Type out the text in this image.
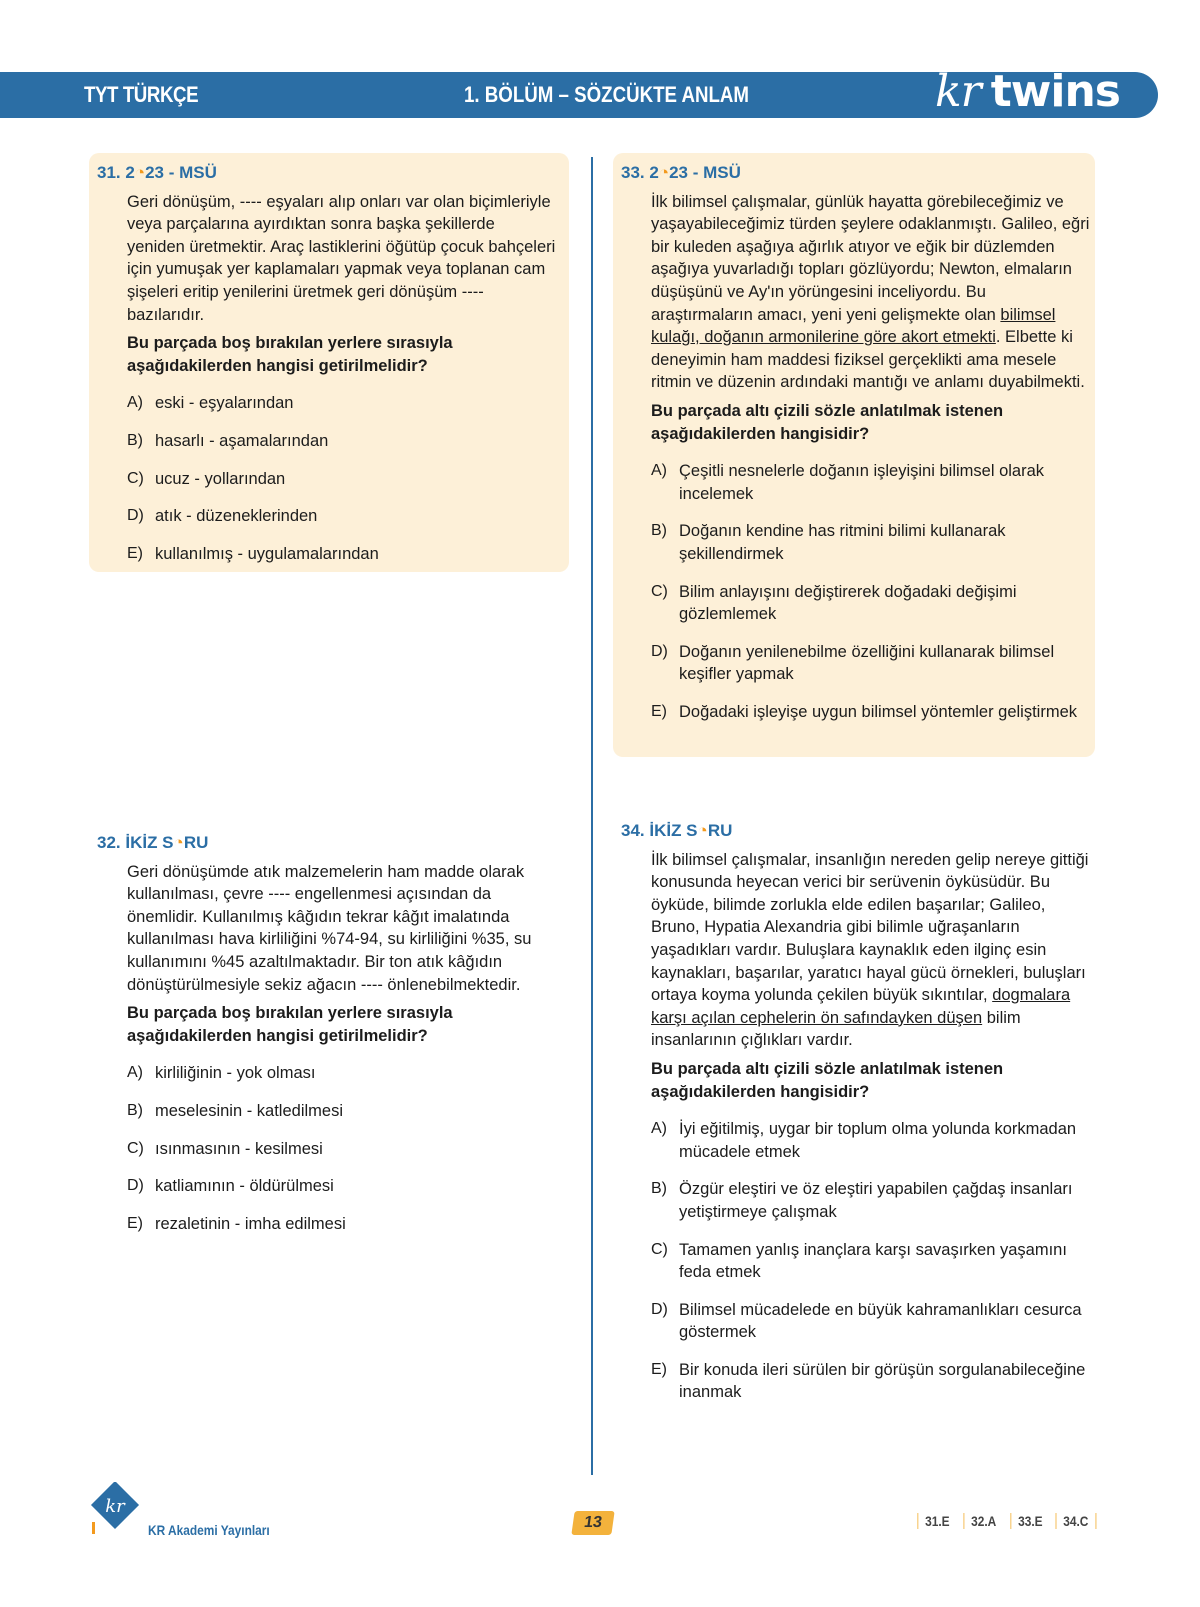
TYT TÜRKÇE	1. BÖLÜM – SÖZCÜKTE ANLAM	kr twins
31. 2◔23 - MSÜ
Geri dönüşüm, ---- eşyaları alıp onları var olan biçimleriyle veya parçalarına ayırdıktan sonra başka şekillerde yeniden üretmektir. Araç lastiklerini öğütüp çocuk bahçeleri için yumuşak yer kaplamaları yapmak veya toplanan cam şişeleri eritip yenilerini üretmek geri dönüşüm ---- bazılarıdır.
Bu parçada boş bırakılan yerlere sırasıyla aşağıdakilerden hangisi getirilmelidir?
A) eski - eşyalarından
B) hasarlı - aşamalarından
C) ucuz - yollarından
D) atık - düzeneklerinden
E) kullanılmış - uygulamalarından
33. 2◔23 - MSÜ
İlk bilimsel çalışmalar, günlük hayatta görebileceğimiz ve yaşayabileceğimiz türden şeylere odaklanmıştı. Galileo, eğri bir kuleden aşağıya ağırlık atıyor ve eğik bir düzlemden aşağıya yuvarladığı topları gözlüyordu; Newton, elmaların düşüşünü ve Ay'ın yörüngesini inceliyordu. Bu araştırmaların amacı, yeni yeni gelişmekte olan bilimsel kulağı, doğanın armonilerine göre akort etmekti. Elbette ki deneyimin ham maddesi fiziksel gerçeklikti ama mesele ritmin ve düzenin ardındaki mantığı ve anlamı duyabilmekti.
Bu parçada altı çizili sözle anlatılmak istenen aşağıdakilerden hangisidir?
A) Çeşitli nesnelerle doğanın işleyişini bilimsel olarak incelemek
B) Doğanın kendine has ritmini bilimi kullanarak şekillendirmek
C) Bilim anlayışını değiştirerek doğadaki değişimi gözlemlemek
D) Doğanın yenilenebilme özelliğini kullanarak bilimsel keşifler yapmak
E) Doğadaki işleyişe uygun bilimsel yöntemler geliştirmek
32. İKİZ S◔RU
Geri dönüşümde atık malzemelerin ham madde olarak kullanılması, çevre ---- engellenmesi açısından da önemlidir. Kullanılmış kâğıdın tekrar kâğıt imalatında kullanılması hava kirliliğini %74-94, su kirliliğini %35, su kullanımını %45 azaltılmaktadır. Bir ton atık kâğıdın dönüştürülmesiyle sekiz ağacın ---- önlenebilmektedir.
Bu parçada boş bırakılan yerlere sırasıyla aşağıdakilerden hangisi getirilmelidir?
A) kirliliğinin - yok olması
B) meselesinin - katledilmesi
C) ısınmasının - kesilmesi
D) katliamının - öldürülmesi
E) rezaletinin - imha edilmesi
34. İKİZ S◔RU
İlk bilimsel çalışmalar, insanlığın nereden gelip nereye gittiği konusunda heyecan verici bir serüvenin öyküsüdür. Bu öyküde, bilimde zorlukla elde edilen başarılar; Galileo, Bruno, Hypatia Alexandria gibi bilimle uğraşanların yaşadıkları vardır. Buluşlara kaynaklık eden ilginç esin kaynakları, başarılar, yaratıcı hayal gücü örnekleri, buluşları ortaya koyma yolunda çekilen büyük sıkıntılar, dogmalara karşı açılan cephelerin ön safındayken düşen bilim insanlarının çığlıkları vardır.
Bu parçada altı çizili sözle anlatılmak istenen aşağıdakilerden hangisidir?
A) İyi eğitilmiş, uygar bir toplum olma yolunda korkmadan mücadele etmek
B) Özgür eleştiri ve öz eleştiri yapabilen çağdaş insanları yetiştirmeye çalışmak
C) Tamamen yanlış inançlara karşı savaşırken yaşamını feda etmek
D) Bilimsel mücadelede en büyük kahramanlıkları cesurca göstermek
E) Bir konuda ileri sürülen bir görüşün sorgulanabileceğine inanmak
kr
KR Akademi Yayınları	13	31.E	32.A	33.E	34.C
